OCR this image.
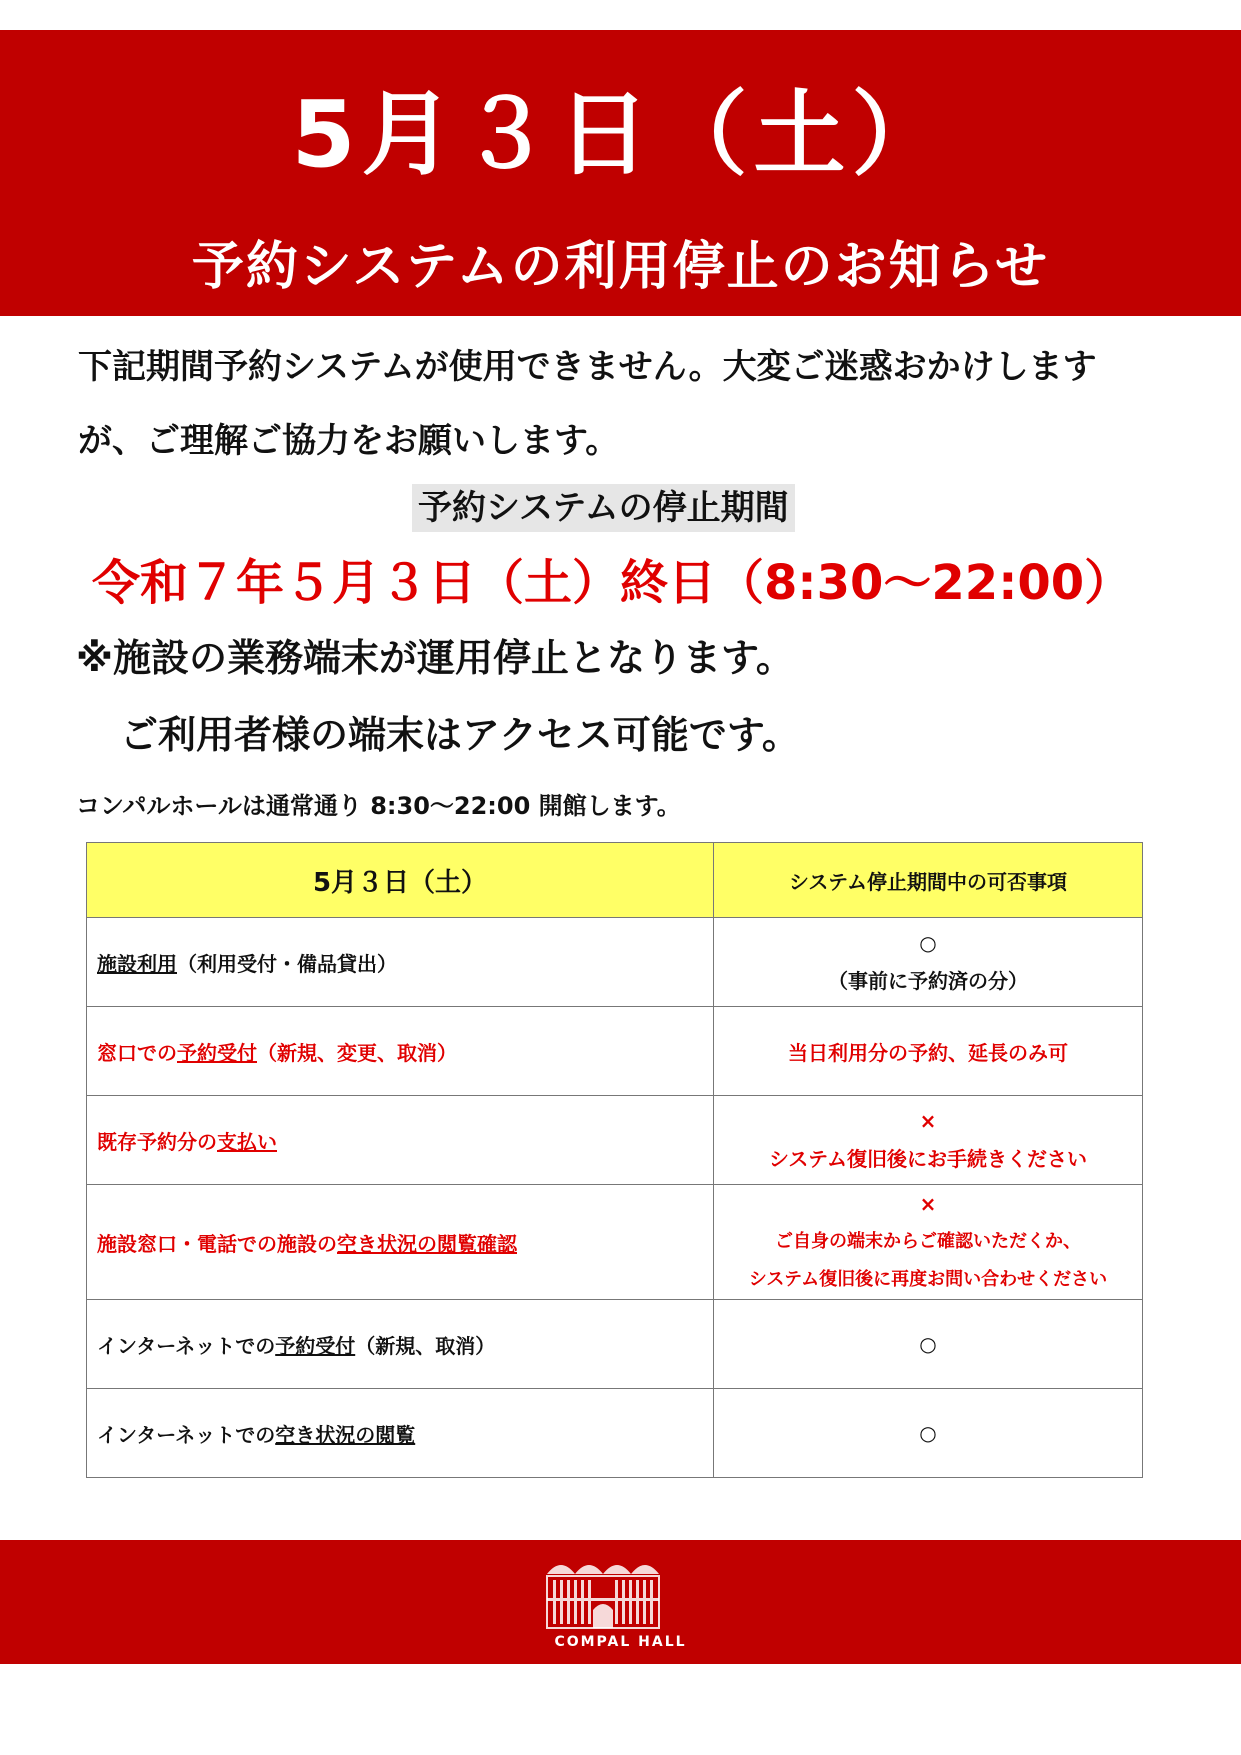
5月３日（土）
予約システムの利用停止のお知らせ
下記期間予約システムが使用できません。大変ご迷惑おかけします
が、ご理解ご協力をお願いします。
予約システムの停止期間
令和７年５月３日（土）終日（8:30～22:00）
※施設の業務端末が運用停止となります。
ご利用者様の端末はアクセス可能です。
コンパルホールは通常通り 8:30～22:00 開館します。
5月３日（土）	システム停止期間中の可否事項
施設利用（利用受付・備品貸出）	○
（事前に予約済の分）

窓口での予約受付（新規、変更、取消）	当日利用分の予約、延長のみ可
既存予約分の支払い	×
システム復旧後にお手続きください

施設窓口・電話での施設の空き状況の閲覧確認	×
ご自身の端末からご確認いただくか、
システム復旧後に再度お問い合わせください

インターネットでの予約受付（新規、取消）	○
インターネットでの空き状況の閲覧	○
COMPAL HALL
